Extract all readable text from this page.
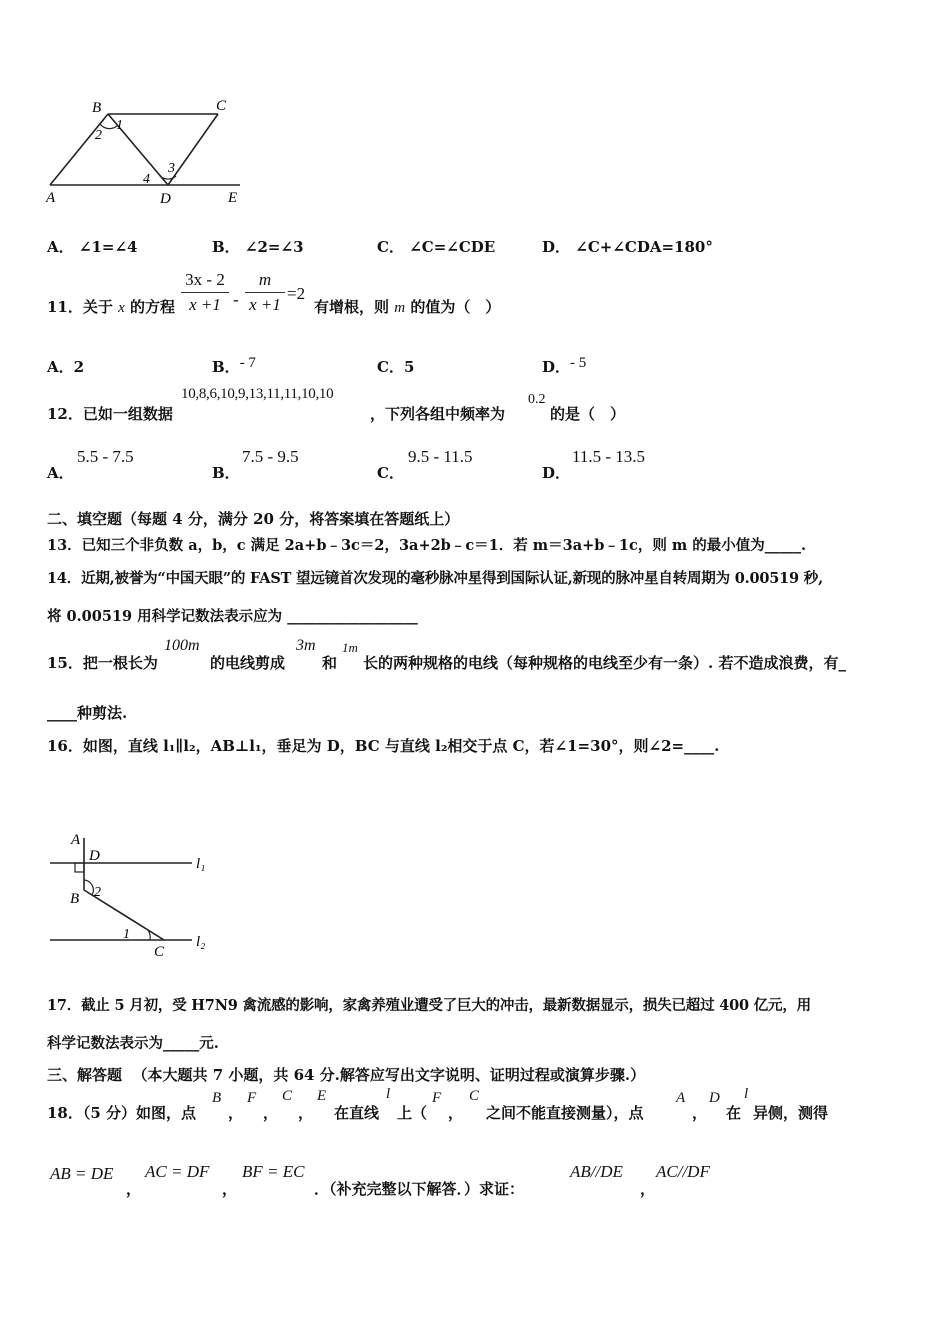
B	C
A	D	E
1
2
3
4
A． ∠1=∠4	B． ∠2=∠3	C． ∠C=∠CDE	D． ∠C+∠CDA=180°
11．关于 x 的方程
3x - 2
x +1 -
m
x +1
=2
有增根，则 m 的值为（　）
A．2	B．- 7	C．5	D．- 5
12．已如一组数据
10,8,6,10,9,13,11,11,10,10
，下列各组中频率为
0.2
的是（　）
A．
5.5 - 7.5
B．
7.5 - 9.5
C．
9.5 - 11.5
D．
11.5 - 13.5
二、填空题（每题 4 分，满分 20 分，将答案填在答题纸上）
13．已知三个非负数 a，b，c 满足 2a+b﹣3c＝2，3a+2b﹣c＝1．若 m＝3a+b﹣1c，则 m 的最小值为_____.
14．近期,被誉为“中国天眼”的 FAST 望远镜首次发现的毫秒脉冲星得到国际认证,新现的脉冲星自转周期为 0.00519 秒,
将 0.00519 用科学记数法表示应为 __________________
15．把一根长为
100m
的电线剪成
3m
和
1m
长的两种规格的电线（每种规格的电线至少有一条）. 若不造成浪费，有_
____种剪法.
16．如图，直线 l₁∥l₂，AB⊥l₁，垂足为 D，BC 与直线 l₂相交于点 C，若∠1=30°，则∠2=____.
A
D
B
C
l₁
l₂
1
2
17．截止 5 月初，受 H7N9 禽流感的影响，家禽养殖业遭受了巨大的冲击，最新数据显示，损失已超过 400 亿元，用
科学记数法表示为_____元.
三、解答题 （本大题共 7 小题，共 64 分.解答应写出文字说明、证明过程或演算步骤.）
18．（5 分）如图，点
B
，
F
，
C
，
E
在直线
l
上（
F
，
C
之间不能直接测量），点
A
，
D
在
l
异侧，测得
AB = DE
，
AC = DF
，
BF = EC
．（补充完整以下解答．）求证：
AB//DE
，
AC//DF
